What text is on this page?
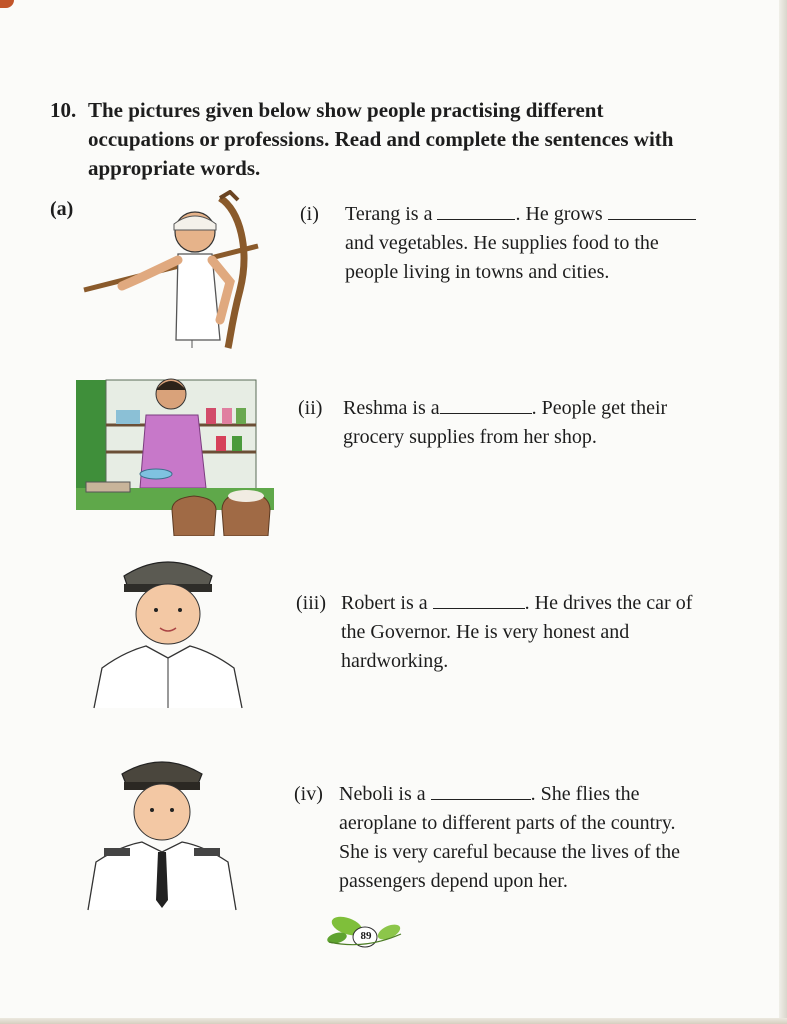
10. The pictures given below show people practising different occupations or professions. Read and complete the sentences with appropriate words.
(a)	(i) Terang is a	. He grows  and vegetables. He supplies food to the people living in towns and cities.
(ii) Reshma is a	. People get their grocery supplies from her shop.
(iii) Robert is a	. He drives the car of the Governor. He is very honest and hardworking.
(iv) Neboli is a	. She flies the aeroplane to different parts of the country. She is very careful because the lives of the passengers depend upon her.
89
